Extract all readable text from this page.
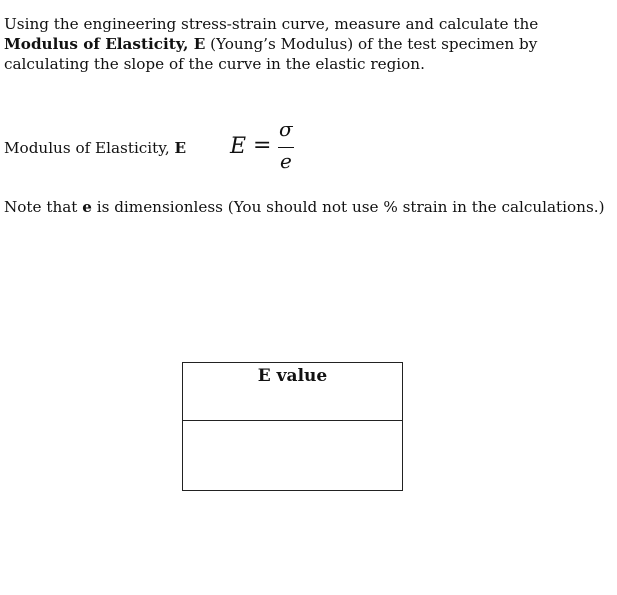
Using the engineering stress-strain curve, measure and calculate the Modulus of Elasticity, E (Young’s Modulus) of the test specimen by calculating the slope of the curve in the elastic region.
Modulus of Elasticity, E E =
σ
e
Note that e is dimensionless (You should not use % strain in the calculations.)
E value
